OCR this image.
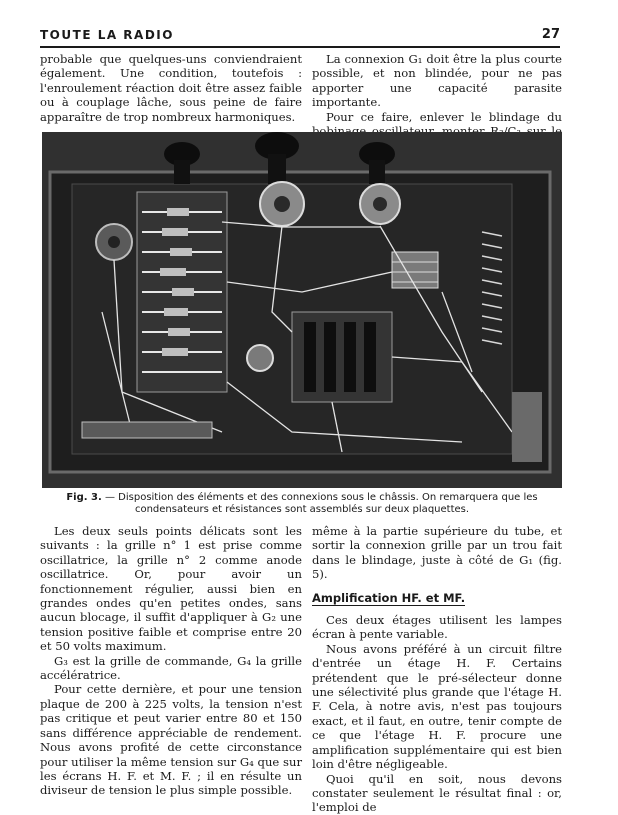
TOUTE LA RADIO	27

probable que quelques-uns conviendraient également. Une condition, toutefois : l'enroulement réaction doit être assez faible ou à couplage lâche, sous peine de faire apparaître de trop nombreux harmoniques.

La connexion G₁ doit être la plus courte possible, et non blindée, pour ne pas apporter une capacité parasite importante.

Pour ce faire, enlever le blindage du

Fig. 3. — Disposition des éléments et des connexions sous le châssis. On remarquera que les condensateurs et résistances sont assemblés sur deux plaquettes.

Les deux seuls points délicats sont les suivants : la grille n° 1 est prise comme oscillatrice, la grille n° 2 comme anode oscillatrice. Or, pour avoir un fonctionnement régulier, aussi bien en grandes ondes qu'en petites ondes, sans aucun blocage, il suffit d'appliquer à G₂ une tension positive faible et comprise entre 20 et 50 volts maximum.

G₃ est la grille de commande, G₄ la grille accélératrice.

Pour cette dernière, et pour une tension plaque de 200 à 225 volts, la tension n'est pas critique et peut varier entre 80 et 150 sans différence appréciable de rendement. Nous avons profité de cette circonstance pour utiliser la même tension sur G₄ que sur les écrans H. F. et M. F. ; il en résulte un diviseur de tension le plus simple possible.

même à la partie supérieure du tube, et sortir la connexion grille par un trou fait dans le blindage, juste à côté de G₁ (fig. 5).

Amplification HF. et MF.

Ces deux étages utilisent les lampes écran à pente variable.

Nous avons préféré à un circuit filtre d'entrée un étage H. F. Certains prétendent que le pré-sélecteur donne une sélectivité plus grande que l'étage H. F. Cela, à notre avis, n'est pas toujours exact, et il faut, en outre, tenir compte de ce que l'étage H. F. procure une amplification supplémentaire qui est bien loin d'être négligeable.

Quoi qu'il en soit, nous devons constater seulement le résultat final : or, l'emploi de
